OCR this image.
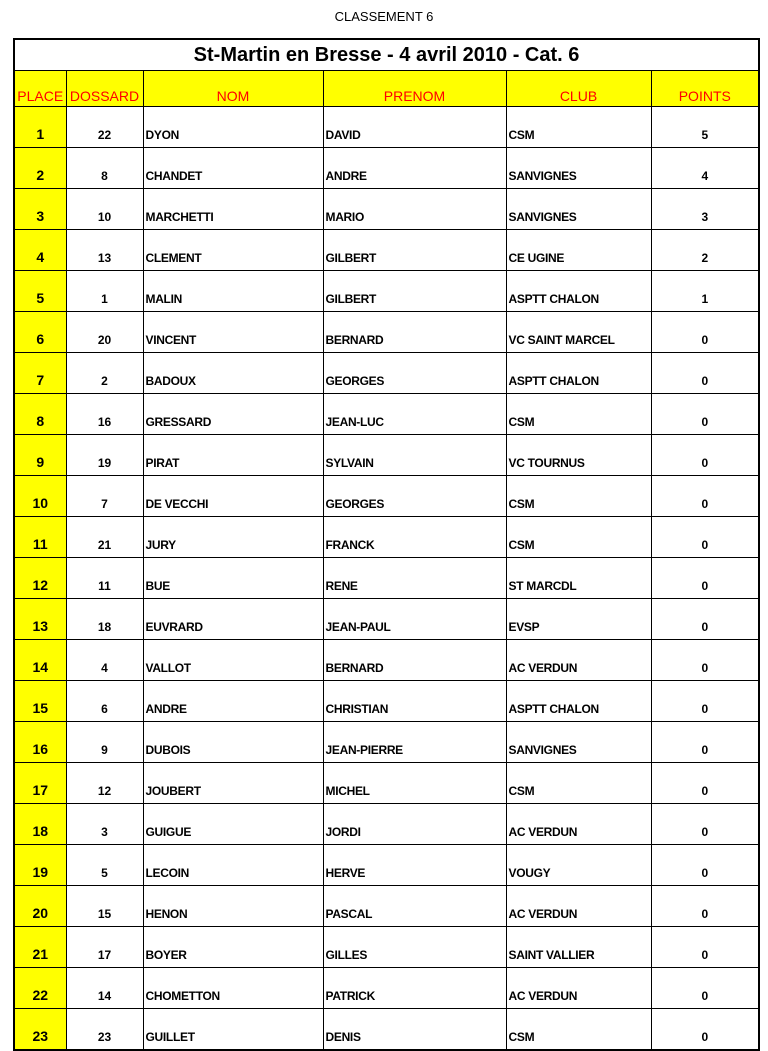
CLASSEMENT 6
St-Martin en Bresse - 4 avril 2010 - Cat. 6					
PLACE	DOSSARD	NOM	PRENOM	CLUB	POINTS
1	22	DYON	DAVID	CSM	5
2	8	CHANDET	ANDRE	SANVIGNES	4
3	10	MARCHETTI	MARIO	SANVIGNES	3
4	13	CLEMENT	GILBERT	CE UGINE	2
5	1	MALIN	GILBERT	ASPTT CHALON	1
6	20	VINCENT	BERNARD	VC SAINT MARCEL	0
7	2	BADOUX	GEORGES	ASPTT CHALON	0
8	16	GRESSARD	JEAN-LUC	CSM	0
9	19	PIRAT	SYLVAIN	VC TOURNUS	0
10	7	DE VECCHI	GEORGES	CSM	0
11	21	JURY	FRANCK	CSM	0
12	11	BUE	RENE	ST MARCDL	0
13	18	EUVRARD	JEAN-PAUL	EVSP	0
14	4	VALLOT	BERNARD	AC VERDUN	0
15	6	ANDRE	CHRISTIAN	ASPTT CHALON	0
16	9	DUBOIS	JEAN-PIERRE	SANVIGNES	0
17	12	JOUBERT	MICHEL	CSM	0
18	3	GUIGUE	JORDI	AC VERDUN	0
19	5	LECOIN	HERVE	VOUGY	0
20	15	HENON	PASCAL	AC VERDUN	0
21	17	BOYER	GILLES	SAINT VALLIER	0
22	14	CHOMETTON	PATRICK	AC VERDUN	0
23	23	GUILLET	DENIS	CSM	0
